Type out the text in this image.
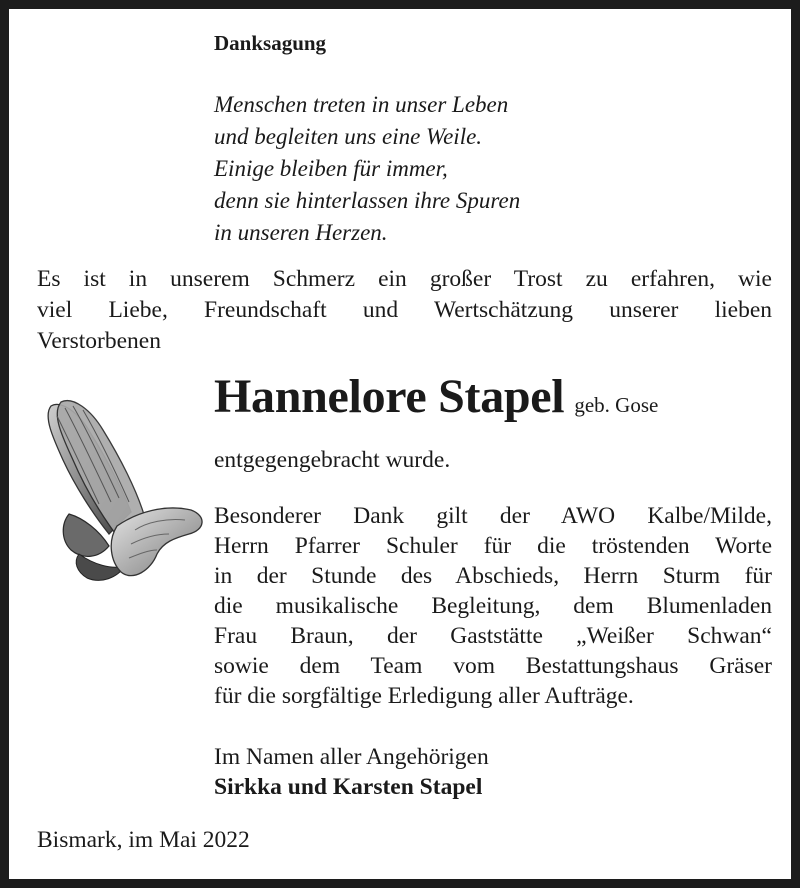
Danksagung
Menschen treten in unser Leben
und begleiten uns eine Weile.
Einige bleiben für immer,
denn sie hinterlassen ihre Spuren
in unseren Herzen.
Es ist in unserem Schmerz ein großer Trost zu erfahren, wie
viel Liebe, Freundschaft und Wertschätzung unserer lieben
Verstorbenen
Hannelore Stapel geb. Gose
entgegengebracht wurde.
Besonderer Dank gilt der AWO Kalbe/Milde,
Herrn Pfarrer Schuler für die tröstenden Worte
in der Stunde des Abschieds, Herrn Sturm für
die musikalische Begleitung, dem Blumenladen
Frau Braun, der Gaststätte „Weißer Schwan“
sowie dem Team vom Bestattungshaus Gräser
für die sorgfältige Erledigung aller Aufträge.
Im Namen aller Angehörigen
Sirkka und Karsten Stapel
Bismark, im Mai 2022
